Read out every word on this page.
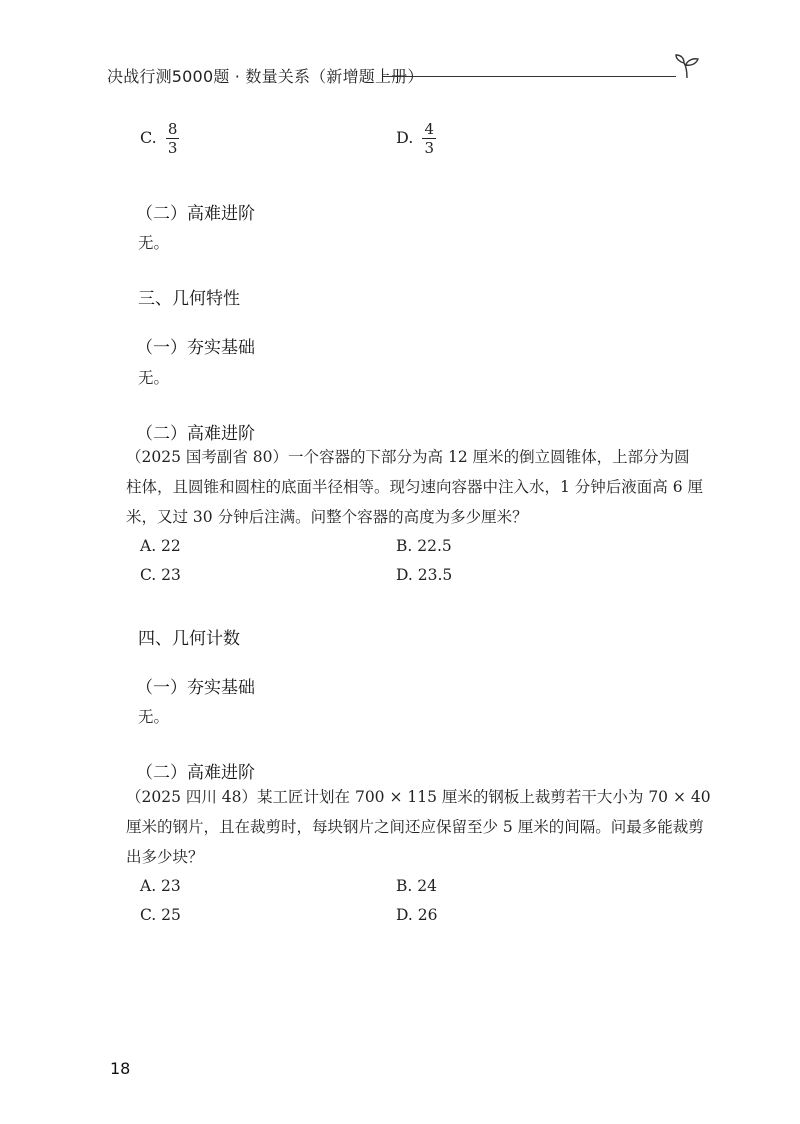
决战行测5000题 · 数量关系（新增题上册）
C. $\frac{8}{3}$	D. $\frac{4}{3}$
（二）高难进阶
无。
三、几何特性
（一）夯实基础
无。
（二）高难进阶
（2025 国考副省 80）一个容器的下部分为高 12 厘米的倒立圆锥体，上部分为圆
柱体，且圆锥和圆柱的底面半径相等。现匀速向容器中注入水，1 分钟后液面高 6 厘
米，又过 30 分钟后注满。问整个容器的高度为多少厘米？
A. 22	B. 22.5
C. 23	D. 23.5
四、几何计数
（一）夯实基础
无。
（二）高难进阶
（2025 四川 48）某工匠计划在 700 × 115 厘米的钢板上裁剪若干大小为 70 × 40
厘米的钢片，且在裁剪时，每块钢片之间还应保留至少 5 厘米的间隔。问最多能裁剪
出多少块？
A. 23	B. 24
C. 25	D. 26
18
